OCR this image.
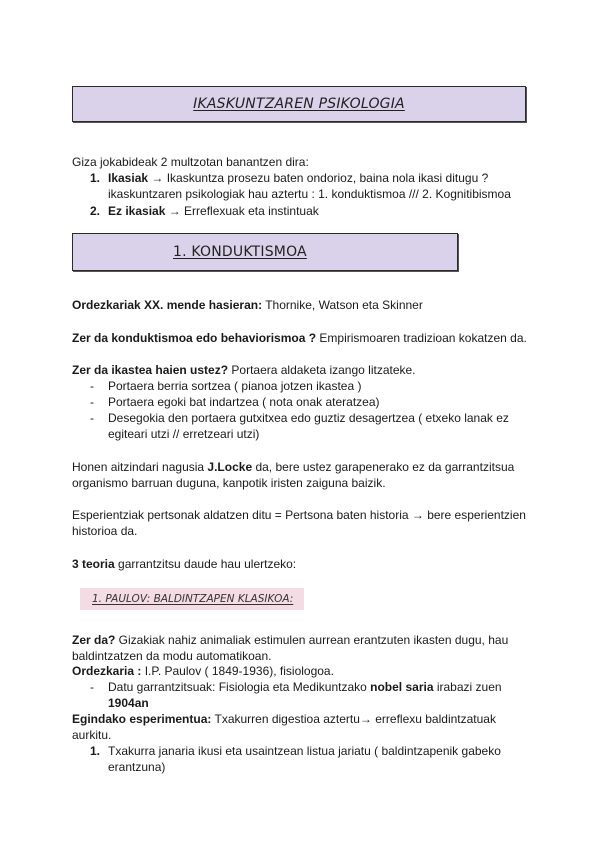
IKASKUNTZAREN PSIKOLOGIA
Giza jokabideak 2 multzotan banantzen dira:
1. Ikasiak → Ikaskuntza prosezu baten ondorioz, baina nola ikasi ditugu ? ikaskuntzaren psikologiak hau aztertu : 1. konduktismoa /// 2. Kognitibismoa
2. Ez ikasiak → Erreflexuak eta instintuak
1. KONDUKTISMOA
Ordezkariak XX. mende hasieran: Thornike, Watson eta Skinner
Zer da konduktismoa edo behaviorismoa ? Empirismoaren tradizioan kokatzen da.
Zer da ikastea haien ustez? Portaera aldaketa izango litzateke.
-	Portaera berria sortzea ( pianoa jotzen ikastea )
-	Portaera egoki bat indartzea ( nota onak ateratzea)
-	Desegokia den portaera gutxitxea edo guztiz desagertzea ( etxeko lanak ez egiteari utzi // erretzeari utzi)
Honen aitzindari nagusia J.Locke da, bere ustez garapenerako ez da garrantzitsua organismo barruan duguna, kanpotik iristen zaiguna baizik.
Esperientziak pertsonak aldatzen ditu = Pertsona baten historia → bere esperientzien historioa da.
3 teoria garrantzitsu daude hau ulertzeko:
1. PAULOV: BALDINTZAPEN KLASIKOA:
Zer da? Gizakiak nahiz animaliak estimulen aurrean erantzuten ikasten dugu, hau baldintzatzen da modu automatikoan.
Ordezkaria : I.P. Paulov ( 1849-1936), fisiologoa.
-	Datu garrantzitsuak: Fisiologia eta Medikuntzako nobel saria irabazi zuen 1904an
Egindako esperimentua: Txakurren digestioa aztertu→ erreflexu baldintzatuak aurkitu.
1. Txakurra janaria ikusi eta usaintzean listua jariatu ( baldintzapenik gabeko erantzuna)
